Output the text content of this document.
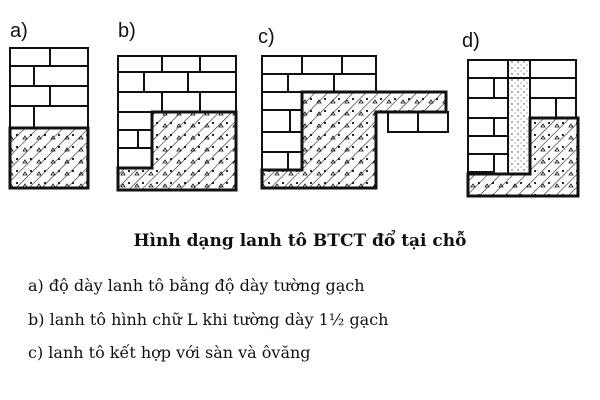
a)	b)	c)	d)
Hình dạng lanh tô BTCT đổ tại chỗ
a) độ dày lanh tô bằng độ dày tường gạch
b) lanh tô hình chữ L khi tường dày 1½ gạch
c) lanh tô kết hợp với sàn và ôvăng
